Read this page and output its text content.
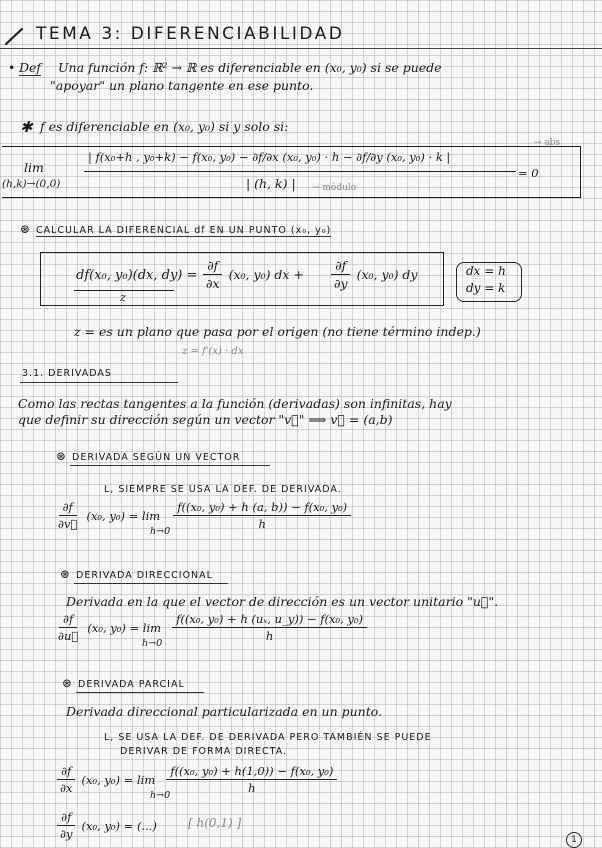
TEMA 3: DIFERENCIABILIDAD
• Def Una función f: ℝ² → ℝ es diferenciable en (x₀, y₀) si se puede
"apoyar" un plano tangente en ese punto.
✱ f es diferenciable en (x₀, y₀) si y solo si:
lim
(h,k)→(0,0)
| f(x₀+h , y₀+k) − f(x₀, y₀) − ∂f/∂x (x₀, y₀) · h − ∂f/∂y (x₀, y₀) · k |
| (h, k) |
= 0
→ abs
→ módulo
⊛ CALCULAR LA DIFERENCIAL df EN UN PUNTO (x₀, y₀)
df(x₀, y₀)(dx, $dy) = \frac{\partial f}{\partial x} (x_0$, y₀) dx + $\frac{\partial f}{\partial y} (x_0$, y₀) dy
z
dx = h
dy = k
z = es un plano que pasa por el origen (no tiene término indep.)
z = f'(x) · dx
3.1. DERIVADAS
Como las rectas tangentes a la función (derivadas) son infinitas, hay
que definir su dirección según un vector "v⃗" ⟹ v⃗ = (a,b)
⊛ DERIVADA SEGÚN UN VECTOR
L, SIEMPRE SE USA LA DEF. DE DERIVADA.
$\frac{\partial f}{\partial v⃗} (x_0$, $y_0) = \lim \frac{\text{f((x₀, y₀) + h (a, b)) − f(x₀, y₀)}}{h}$
h→0
⊛ DERIVADA DIRECCIONAL
Derivada en la que el vector de dirección es un vector unitario "u⃗".
$\frac{\partial f}{\partial u⃗} (x_0$, $y_0) = \lim \frac{\text{f((x₀, y₀) + h (uₓ, u\_y)) − f(x₀, y₀)}}{h}$
h→0
⊛ DERIVADA PARCIAL
Derivada direccional particularizada en un punto.
L, SE USA LA DEF. DE DERIVADA PERO TAMBIÉN SE PUEDE
DERIVAR DE FORMA DIRECTA.
$\frac{\partial f}{\partial x} (x_0$, $y_0) = \lim \frac{\text{f((x₀, y₀) + h(1,0)) − f(x₀, y₀)}}{h}$
h→0
$\frac{\partial f}{\partial y} (x_0$, y₀) = (...)	[ h(0,1) ]
1
